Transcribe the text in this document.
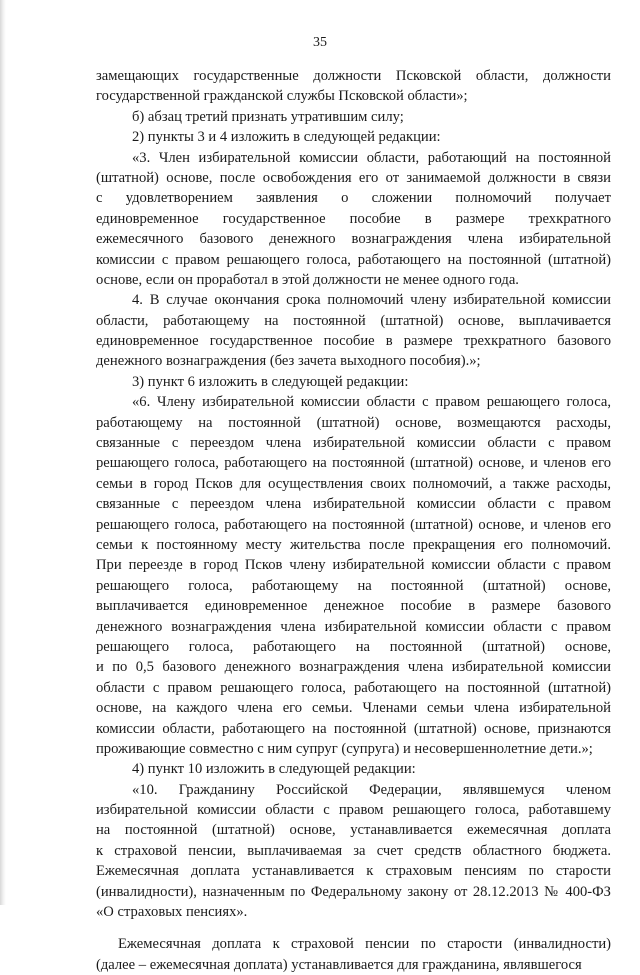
35
замещающих государственные должности Псковской области, должности
государственной гражданской службы Псковской области»;
б) абзац третий признать утратившим силу;
2) пункты 3 и 4 изложить в следующей редакции:
«3. Член избирательной комиссии области, работающий на постоянной
(штатной) основе, после освобождения его от занимаемой должности в связи
с удовлетворением заявления о сложении полномочий получает
единовременное государственное пособие в размере трехкратного
ежемесячного базового денежного вознаграждения члена избирательной
комиссии с правом решающего голоса, работающего на постоянной (штатной)
основе, если он проработал в этой должности не менее одного года.
4. В случае окончания срока полномочий члену избирательной комиссии
области, работающему на постоянной (штатной) основе, выплачивается
единовременное государственное пособие в размере трехкратного базового
денежного вознаграждения (без зачета выходного пособия).»;
3) пункт 6 изложить в следующей редакции:
«6. Члену избирательной комиссии области с правом решающего голоса,
работающему на постоянной (штатной) основе, возмещаются расходы,
связанные с переездом члена избирательной комиссии области с правом
решающего голоса, работающего на постоянной (штатной) основе, и членов его
семьи в город Псков для осуществления своих полномочий, а также расходы,
связанные с переездом члена избирательной комиссии области с правом
решающего голоса, работающего на постоянной (штатной) основе, и членов его
семьи к постоянному месту жительства после прекращения его полномочий.
При переезде в город Псков члену избирательной комиссии области с правом
решающего голоса, работающему на постоянной (штатной) основе,
выплачивается единовременное денежное пособие в размере базового
денежного вознаграждения члена избирательной комиссии области с правом
решающего голоса, работающего на постоянной (штатной) основе,
и по 0,5 базового денежного вознаграждения члена избирательной комиссии
области с правом решающего голоса, работающего на постоянной (штатной)
основе, на каждого члена его семьи. Членами семьи члена избирательной
комиссии области, работающего на постоянной (штатной) основе, признаются
проживающие совместно с ним супруг (супруга) и несовершеннолетние дети.»;
4) пункт 10 изложить в следующей редакции:
«10. Гражданину Российской Федерации, являвшемуся членом
избирательной комиссии области с правом решающего голоса, работавшему
на постоянной (штатной) основе, устанавливается ежемесячная доплата
к страховой пенсии, выплачиваемая за счет средств областного бюджета.
Ежемесячная доплата устанавливается к страховым пенсиям по старости
(инвалидности), назначенным по Федеральному закону от 28.12.2013 № 400-ФЗ
«О страховых пенсиях».
Ежемесячная доплата к страховой пенсии по старости (инвалидности)
(далее – ежемесячная доплата) устанавливается для гражданина, являвшегося
